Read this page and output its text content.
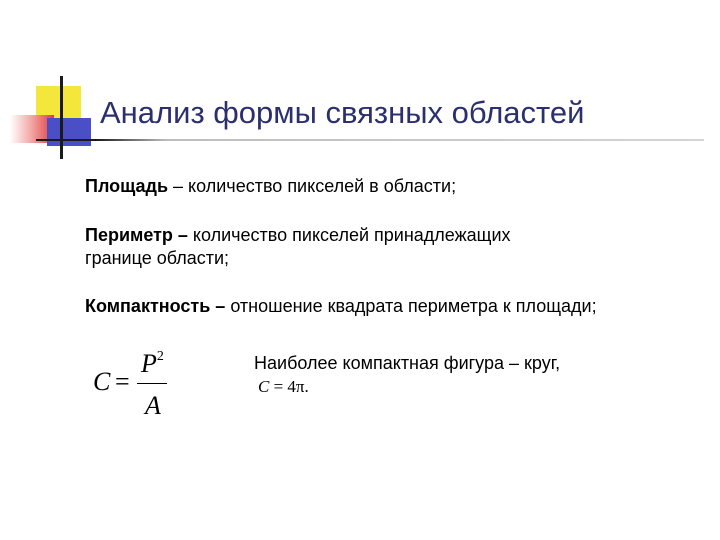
Анализ формы связных областей
Площадь – количество пикселей в области;
Периметр – количество пикселей принадлежащих
границе области;
Компактность – отношение квадрата периметра к площади;
C =
$P^2$
A
Наиболее компактная фигура – круг,
C = 4π.
